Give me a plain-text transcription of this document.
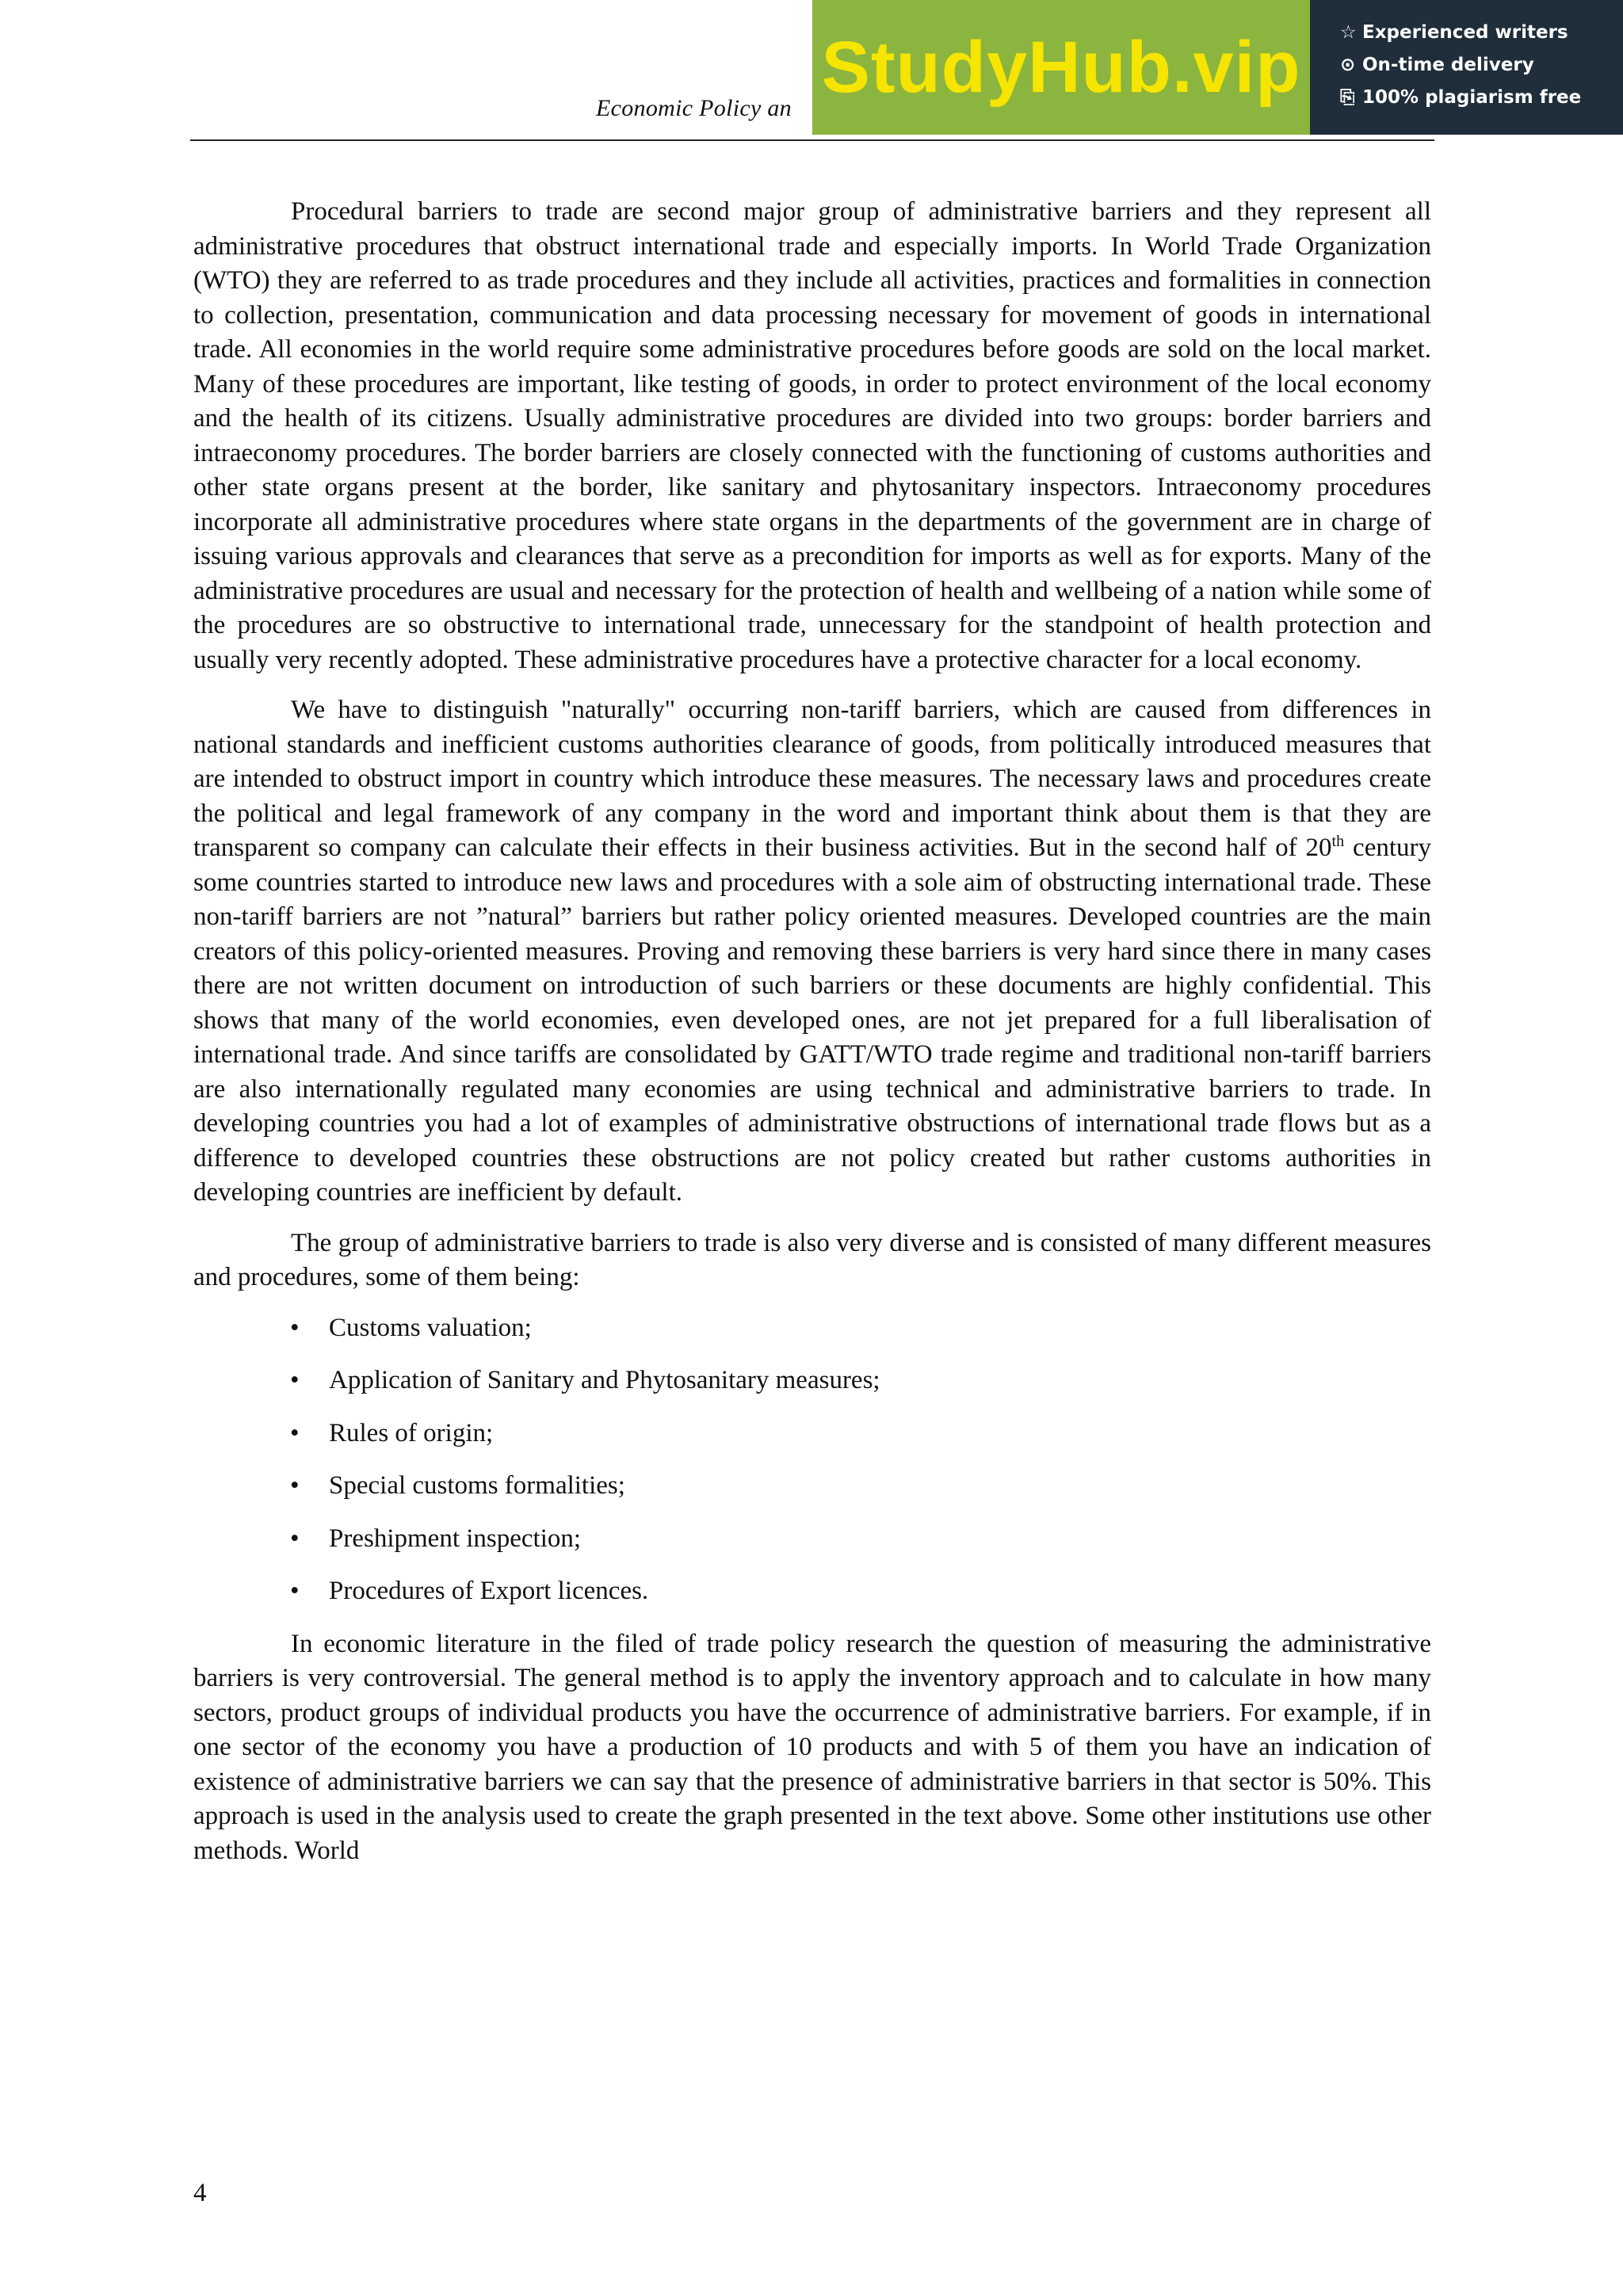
Economic Policy an
StudyHub.vip ☆ Experienced writers
⊙ On-time delivery
⎘ 100% plagiarism free

Procedural barriers to trade are second major group of administrative barriers and they represent all administrative procedures that obstruct international trade and especially imports. In World Trade Organization (WTO) they are referred to as trade procedures and they include all activities, practices and formalities in connection to collection, presentation, communication and data processing necessary for movement of goods in international trade. All economies in the world require some administrative procedures before goods are sold on the local market. Many of these procedures are important, like testing of goods, in order to protect environment of the local economy and the health of its citizens. Usually administrative procedures are divided into two groups: border barriers and intraeconomy procedures. The border barriers are closely connected with the functioning of customs authorities and other state organs present at the border, like sanitary and phytosanitary inspectors. Intraeconomy procedures incorporate all administrative procedures where state organs in the departments of the government are in charge of issuing various approvals and clearances that serve as a precondition for imports as well as for exports. Many of the administrative procedures are usual and necessary for the protection of health and wellbeing of a nation while some of the procedures are so obstructive to international trade, unnecessary for the standpoint of health protection and usually very recently adopted. These administrative procedures have a protective character for a local economy.

We have to distinguish "naturally" occurring non-tariff barriers, which are caused from differences in national standards and inefficient customs authorities clearance of goods, from politically introduced measures that are intended to obstruct import in country which introduce these measures. The necessary laws and procedures create the political and legal framework of any company in the word and important think about them is that they are transparent so company can calculate their effects in their business activities. But in the second half of 20th century some countries started to introduce new laws and procedures with a sole aim of obstructing international trade. These non-tariff barriers are not ”natural” barriers but rather policy oriented measures. Developed countries are the main creators of this policy-oriented measures. Proving and removing these barriers is very hard since there in many cases there are not written document on introduction of such barriers or these documents are highly confidential. This shows that many of the world economies, even developed ones, are not jet prepared for a full liberalisation of international trade. And since tariffs are consolidated by GATT/WTO trade regime and traditional non-tariff barriers are also internationally regulated many economies are using technical and administrative barriers to trade. In developing countries you had a lot of examples of administrative obstructions of international trade flows but as a difference to developed countries these obstructions are not policy created but rather customs authorities in developing countries are inefficient by default.

The group of administrative barriers to trade is also very diverse and is consisted of many different measures and procedures, some of them being:

• Customs valuation;
• Application of Sanitary and Phytosanitary measures;
• Rules of origin;
• Special customs formalities;
• Preshipment inspection;
• Procedures of Export licences.

In economic literature in the filed of trade policy research the question of measuring the administrative barriers is very controversial. The general method is to apply the inventory approach and to calculate in how many sectors, product groups of individual products you have the occurrence of administrative barriers. For example, if in one sector of the economy you have a production of 10 products and with 5 of them you have an indication of existence of administrative barriers we can say that the presence of administrative barriers in that sector is 50%. This approach is used in the analysis used to create the graph presented in the text above. Some other institutions use other methods. World

4
